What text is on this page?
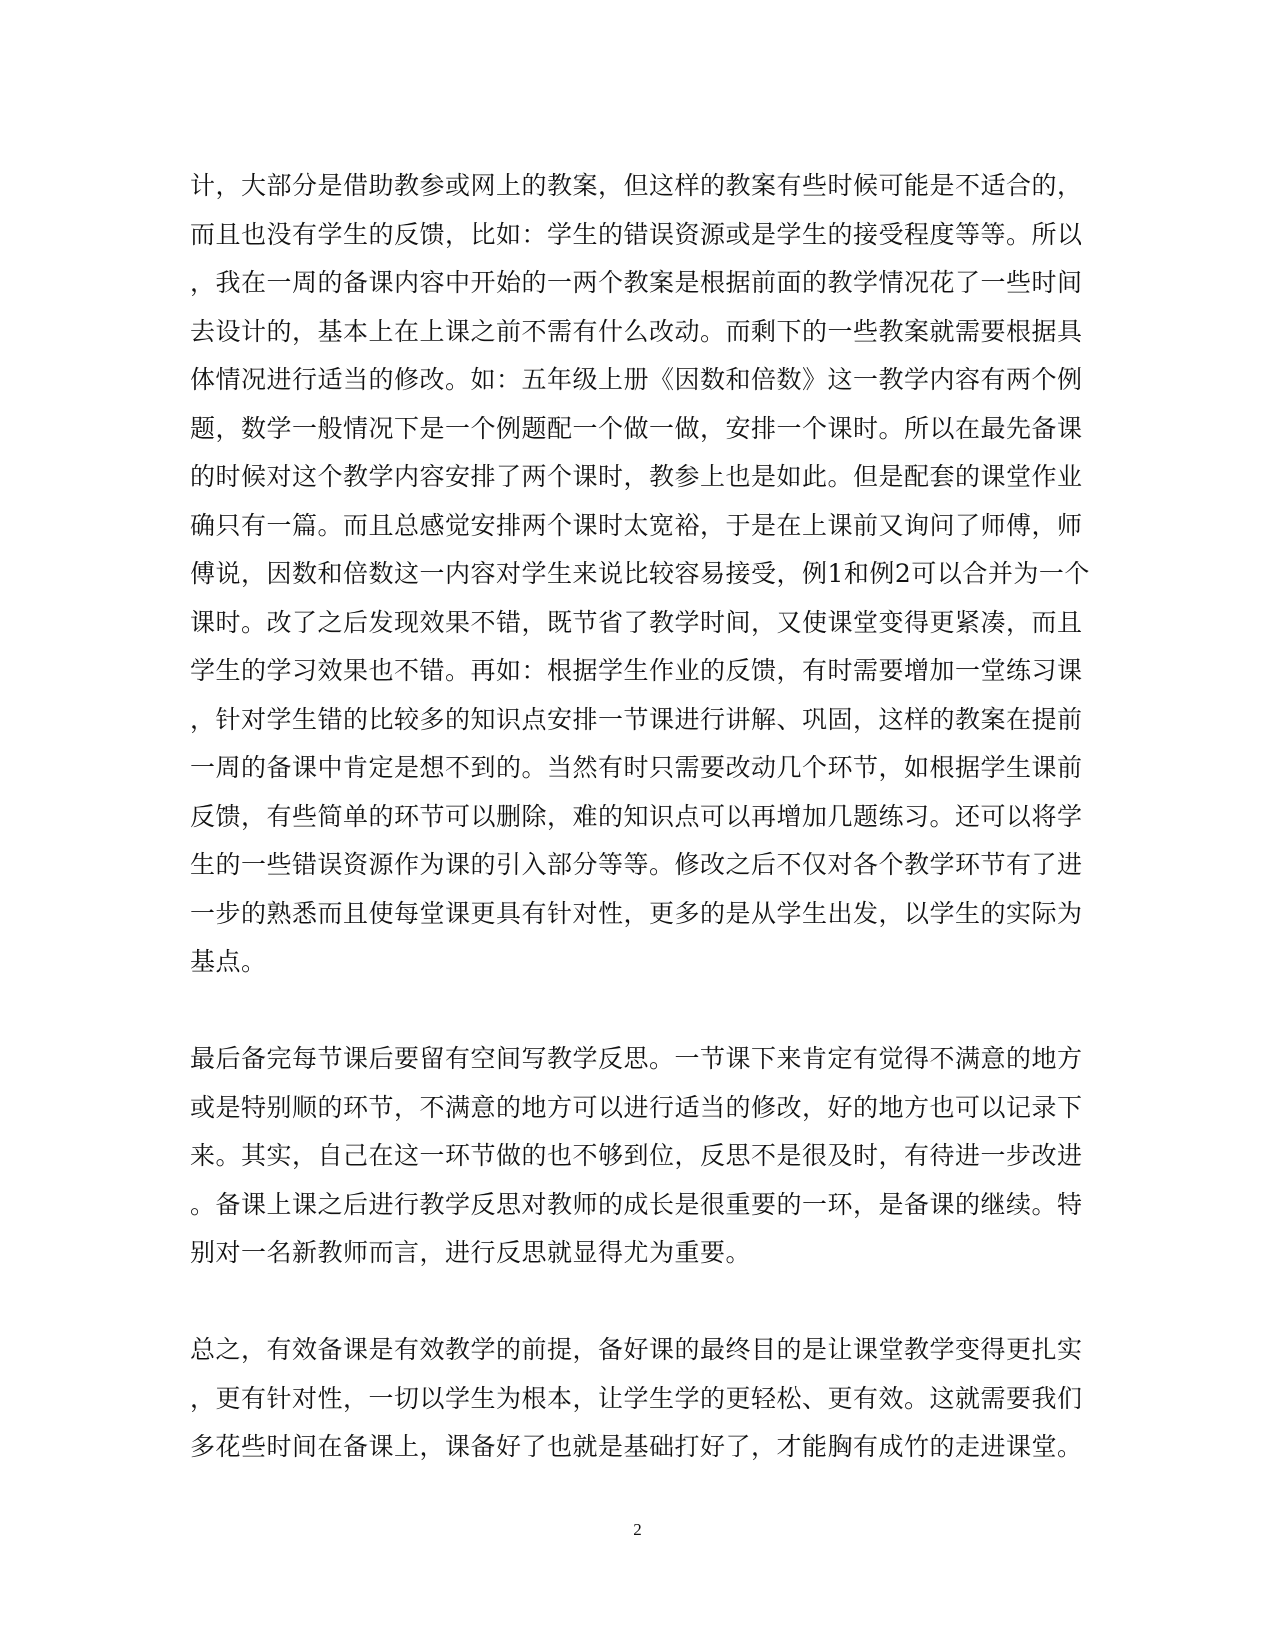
计，大部分是借助教参或网上的教案，但这样的教案有些时候可能是不适合的，
而且也没有学生的反馈，比如：学生的错误资源或是学生的接受程度等等。所以
，我在一周的备课内容中开始的一两个教案是根据前面的教学情况花了一些时间
去设计的，基本上在上课之前不需有什么改动。而剩下的一些教案就需要根据具
体情况进行适当的修改。如：五年级上册《因数和倍数》这一教学内容有两个例
题，数学一般情况下是一个例题配一个做一做，安排一个课时。所以在最先备课
的时候对这个教学内容安排了两个课时，教参上也是如此。但是配套的课堂作业
确只有一篇。而且总感觉安排两个课时太宽裕，于是在上课前又询问了师傅，师
傅说，因数和倍数这一内容对学生来说比较容易接受，例1和例2可以合并为一个
课时。改了之后发现效果不错，既节省了教学时间，又使课堂变得更紧凑，而且
学生的学习效果也不错。再如：根据学生作业的反馈，有时需要增加一堂练习课
，针对学生错的比较多的知识点安排一节课进行讲解、巩固，这样的教案在提前
一周的备课中肯定是想不到的。当然有时只需要改动几个环节，如根据学生课前
反馈，有些简单的环节可以删除，难的知识点可以再增加几题练习。还可以将学
生的一些错误资源作为课的引入部分等等。修改之后不仅对各个教学环节有了进
一步的熟悉而且使每堂课更具有针对性，更多的是从学生出发，以学生的实际为
基点。
最后备完每节课后要留有空间写教学反思。一节课下来肯定有觉得不满意的地方
或是特别顺的环节，不满意的地方可以进行适当的修改，好的地方也可以记录下
来。其实，自己在这一环节做的也不够到位，反思不是很及时，有待进一步改进
。备课上课之后进行教学反思对教师的成长是很重要的一环，是备课的继续。特
别对一名新教师而言，进行反思就显得尤为重要。
总之，有效备课是有效教学的前提，备好课的最终目的是让课堂教学变得更扎实
，更有针对性，一切以学生为根本，让学生学的更轻松、更有效。这就需要我们
多花些时间在备课上，课备好了也就是基础打好了，才能胸有成竹的走进课堂。
2
